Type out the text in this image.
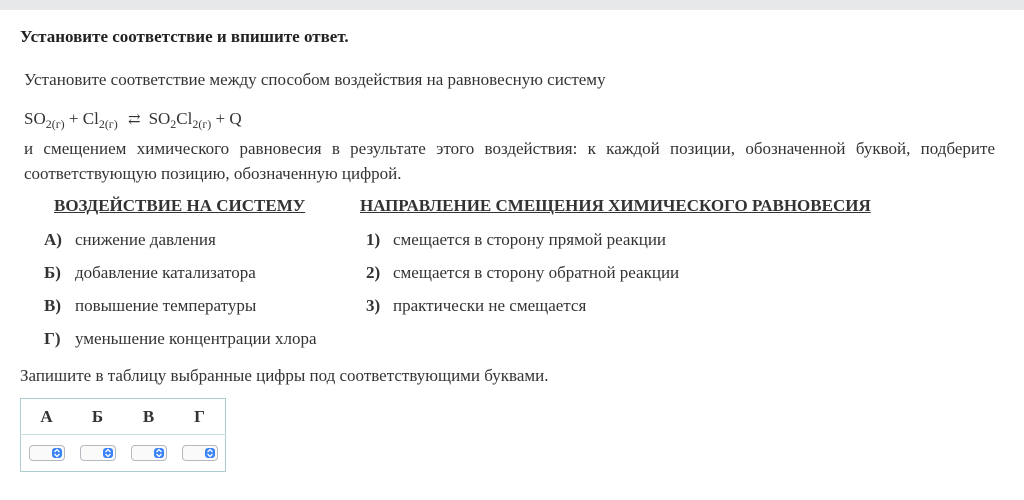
Установите соответствие и впишите ответ.
Установите соответствие между способом воздействия на равновесную систему
$SO_{2(г)} + Cl_{2(г)}$ ⇄ $SO_2Cl_{2(г)} + Q$
и смещением химического равновесия в результате этого воздействия: к каждой позиции, обозначенной буквой, подберите соответствующую позицию, обозначенную цифрой.
ВОЗДЕЙСТВИЕ НА СИСТЕМУ	НАПРАВЛЕНИЕ СМЕЩЕНИЯ ХИМИЧЕСКОГО РАВНОВЕСИЯ
А) снижение давления
Б) добавление катализатора
В) повышение температуры
Г) уменьшение концентрации хлора
1) смещается в сторону прямой реакции
2) смещается в сторону обратной реакции
3) практически не смещается
Запишите в таблицу выбранные цифры под соответствующими буквами.
А	Б	В	Г
